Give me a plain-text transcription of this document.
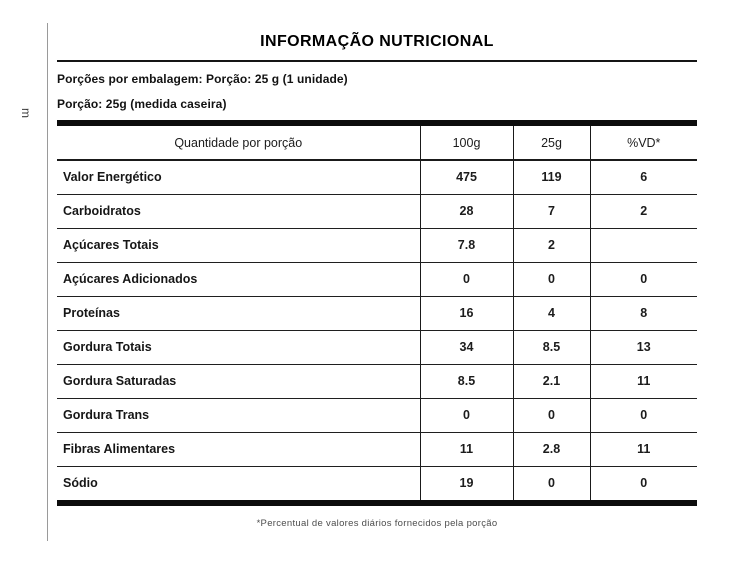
m
INFORMAÇÃO NUTRICIONAL

Porções por embalagem: Porção: 25 g (1 unidade)

Porção: 25g (medida caseira)

Quantidade por porção	100g	25g	%VD*
Valor Energético	475	119	6
Carboidratos	28	7	2
Açúcares Totais	7.8	2	
Açúcares Adicionados	0	0	0
Proteínas	16	4	8
Gordura Totais	34	8.5	13
Gordura Saturadas	8.5	2.1	11
Gordura Trans	0	0	0
Fibras Alimentares	11	2.8	11
Sódio	19	0	0

*Percentual de valores diários fornecidos pela porção
